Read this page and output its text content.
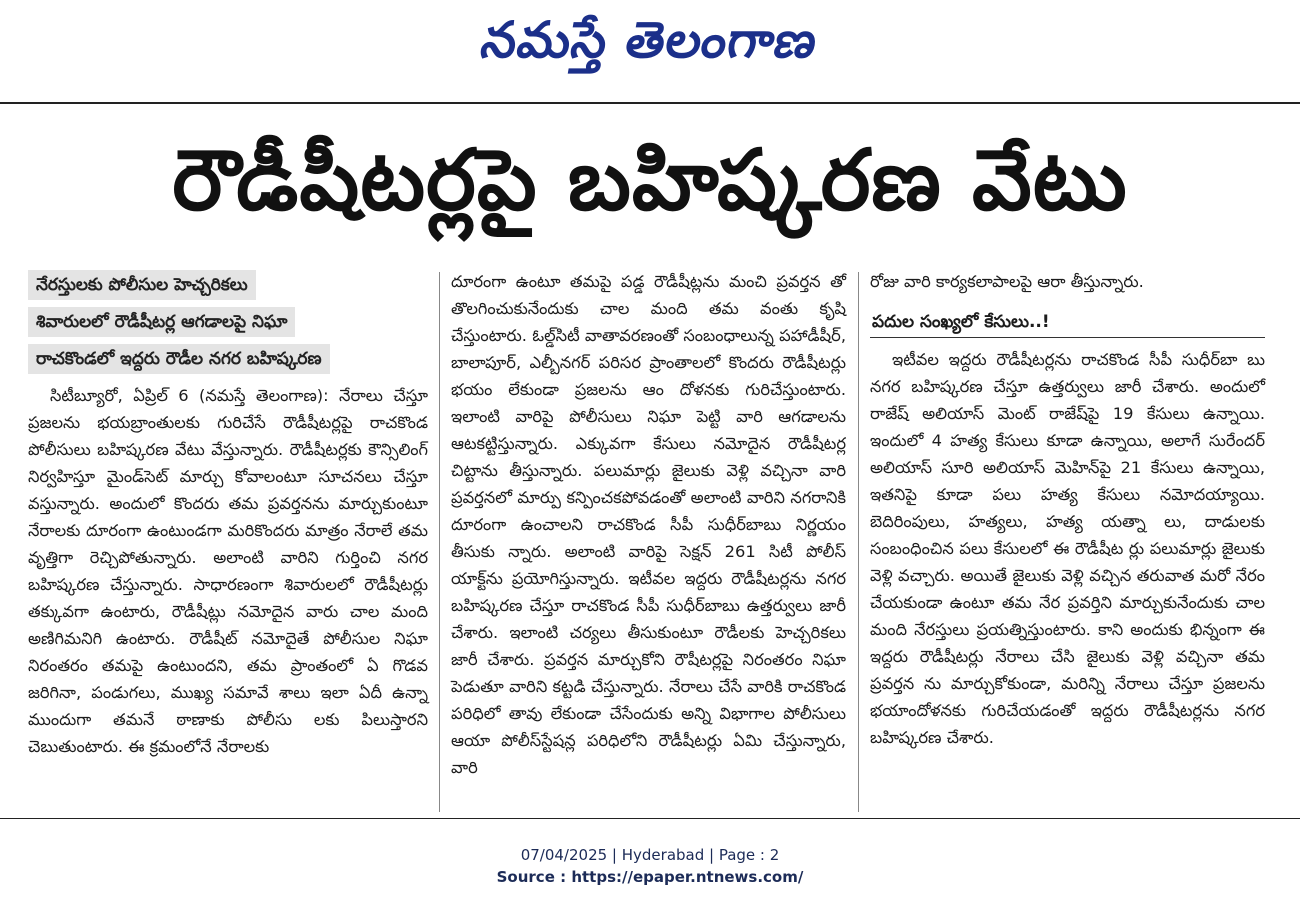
నమస్తే తెలంగాణ
రౌడీషీటర్లపై బహిష్కరణ వేటు
నేరస్తులకు పోలీసుల హెచ్చరికలు
శివారులలో రౌడీషీటర్ల ఆగడాలపై నిఘా
రాచకొండలో ఇద్దరు రౌడీల నగర బహిష్కరణ

సిటీబ్యూరో, ఏప్రిల్ 6 (నమస్తే తెలంగాణ): నేరాలు చేస్తూ ప్రజలను భయబ్రాంతులకు గురిచేసే రౌడీషీటర్లపై రాచకొండ పోలీసులు బహిష్కరణ వేటు వేస్తున్నారు. రౌడీషీటర్లకు కౌన్సిలింగ్ నిర్వహిస్తూ మైండ్‌సెట్ మార్చు కోవాలంటూ సూచనలు చేస్తూ వస్తున్నారు. అందులో కొందరు తమ ప్రవర్తనను మార్చుకుంటూ నేరాలకు దూరంగా ఉంటుండగా మరికొందరు మాత్రం నేరాలే తమ వృత్తిగా రెచ్చిపోతున్నారు. అలాంటి వారిని గుర్తించి నగర బహిష్కరణ చేస్తున్నారు. సాధారణంగా శివారులలో రౌడీషీటర్లు తక్కువగా ఉంటారు, రౌడీషీట్లు నమోదైన వారు చాల మంది అణిగిమనిగి ఉంటారు. రౌడీషీట్ నమోదైతే పోలీసుల నిఘా నిరంతరం తమపై ఉంటుందని, తమ ప్రాంతంలో ఏ గొడవ జరిగినా, పండుగలు, ముఖ్య సమావే శాలు ఇలా ఏదీ ఉన్నా ముందుగా తమనే ఠాణాకు పోలీసు లకు పిలుస్తారని చెబుతుంటారు. ఈ క్రమంలోనే నేరాలకు

దూరంగా ఉంటూ తమపై పడ్డ రౌడీషీట్లను మంచి ప్రవర్తన తో తొలగించుకునేందుకు చాల మంది తమ వంతు కృషి చేస్తుంటారు. ఓల్డ్‌సిటీ వాతావరణంతో సంబంధాలున్న పహాడీషీర్, బాలాపూర్, ఎల్బీనగర్ పరిసర ప్రాంతాలలో కొందరు రౌడీషీటర్లు భయం లేకుండా ప్రజలను ఆం దోళనకు గురిచేస్తుంటారు. ఇలాంటి వారిపై పోలీసులు నిఘా పెట్టి వారి ఆగడాలను ఆటకట్టిస్తున్నారు. ఎక్కువగా కేసులు నమోదైన రౌడీషీటర్ల చిట్టాను తీస్తున్నారు. పలుమార్లు జైలుకు వెళ్లి వచ్చినా వారి ప్రవర్తనలో మార్పు కన్పించకపోవడంతో అలాంటి వారిని నగరానికి దూరంగా ఉంచాలని రాచకొండ సీపీ సుధీర్‌బాబు నిర్ణయం తీసుకు న్నారు. అలాంటి వారిపై సెక్షన్ 261 సిటీ పోలీస్ యాక్ట్‌ను ప్రయోగిస్తున్నారు. ఇటీవల ఇద్దరు రౌడీషీటర్లను నగర బహిష్కరణ చేస్తూ రాచకొండ సీపీ సుధీర్‌బాబు ఉత్తర్వులు జారీ చేశారు. ఇలాంటి చర్యలు తీసుకుంటూ రౌడీలకు హెచ్చరికలు జారీ చేశారు. ప్రవర్తన మార్చుకోని రౌషీటర్లపై నిరంతరం నిఘా పెడుతూ వారిని కట్టడి చేస్తున్నారు. నేరాలు చేసే వారికి రాచకొండ పరిధిలో తావు లేకుండా చేసేందుకు అన్ని విభాగాల పోలీసులు ఆయా పోలీస్‌స్టేషన్ల పరిధిలోని రౌడీషీటర్లు ఏమి చేస్తున్నారు, వారి

రోజు వారి కార్యకలాపాలపై ఆరా తీస్తున్నారు.

పదుల సంఖ్యలో కేసులు..!

ఇటీవల ఇద్దరు రౌడీషీటర్లను రాచకొండ సీపీ సుధీర్‌బా బు నగర బహిష్కరణ చేస్తూ ఉత్తర్వులు జారీ చేశారు. అందులో రాజేష్ అలియాస్ మెంట్ రాజేష్‌పై 19 కేసులు ఉన్నాయి. ఇందులో 4 హత్య కేసులు కూడా ఉన్నాయి, అలాగే సురేందర్ అలియాస్ సూరి అలియాస్ మెహిన్‌పై 21 కేసులు ఉన్నాయి, ఇతనిపై కూడా పలు హత్య కేసులు నమోదయ్యాయి. బెదిరింపులు, హత్యలు, హత్య యత్నా లు, దాడులకు సంబంధించిన పలు కేసులలో ఈ రౌడీషీట ర్లు పలుమార్లు జైలుకు వెళ్లి వచ్చారు. అయితే జైలుకు వెళ్లి వచ్చిన తరువాత మరో నేరం చేయకుండా ఉంటూ తమ నేర ప్రవర్తిని మార్చుకునేందుకు చాల మంది నేరస్తులు ప్రయత్నిస్తుంటారు. కాని అందుకు భిన్నంగా ఈ ఇద్దరు రౌడీషీటర్లు నేరాలు చేసి జైలుకు వెళ్లి వచ్చినా తమ ప్రవర్తన ను మార్చుకోకుండా, మరిన్ని నేరాలు చేస్తూ ప్రజలను భయాందోళనకు గురిచేయడంతో ఇద్దరు రౌడీషీటర్లను నగర బహిష్కరణ చేశారు.

07/04/2025 | Hyderabad | Page : 2
Source : https://epaper.ntnews.com/
